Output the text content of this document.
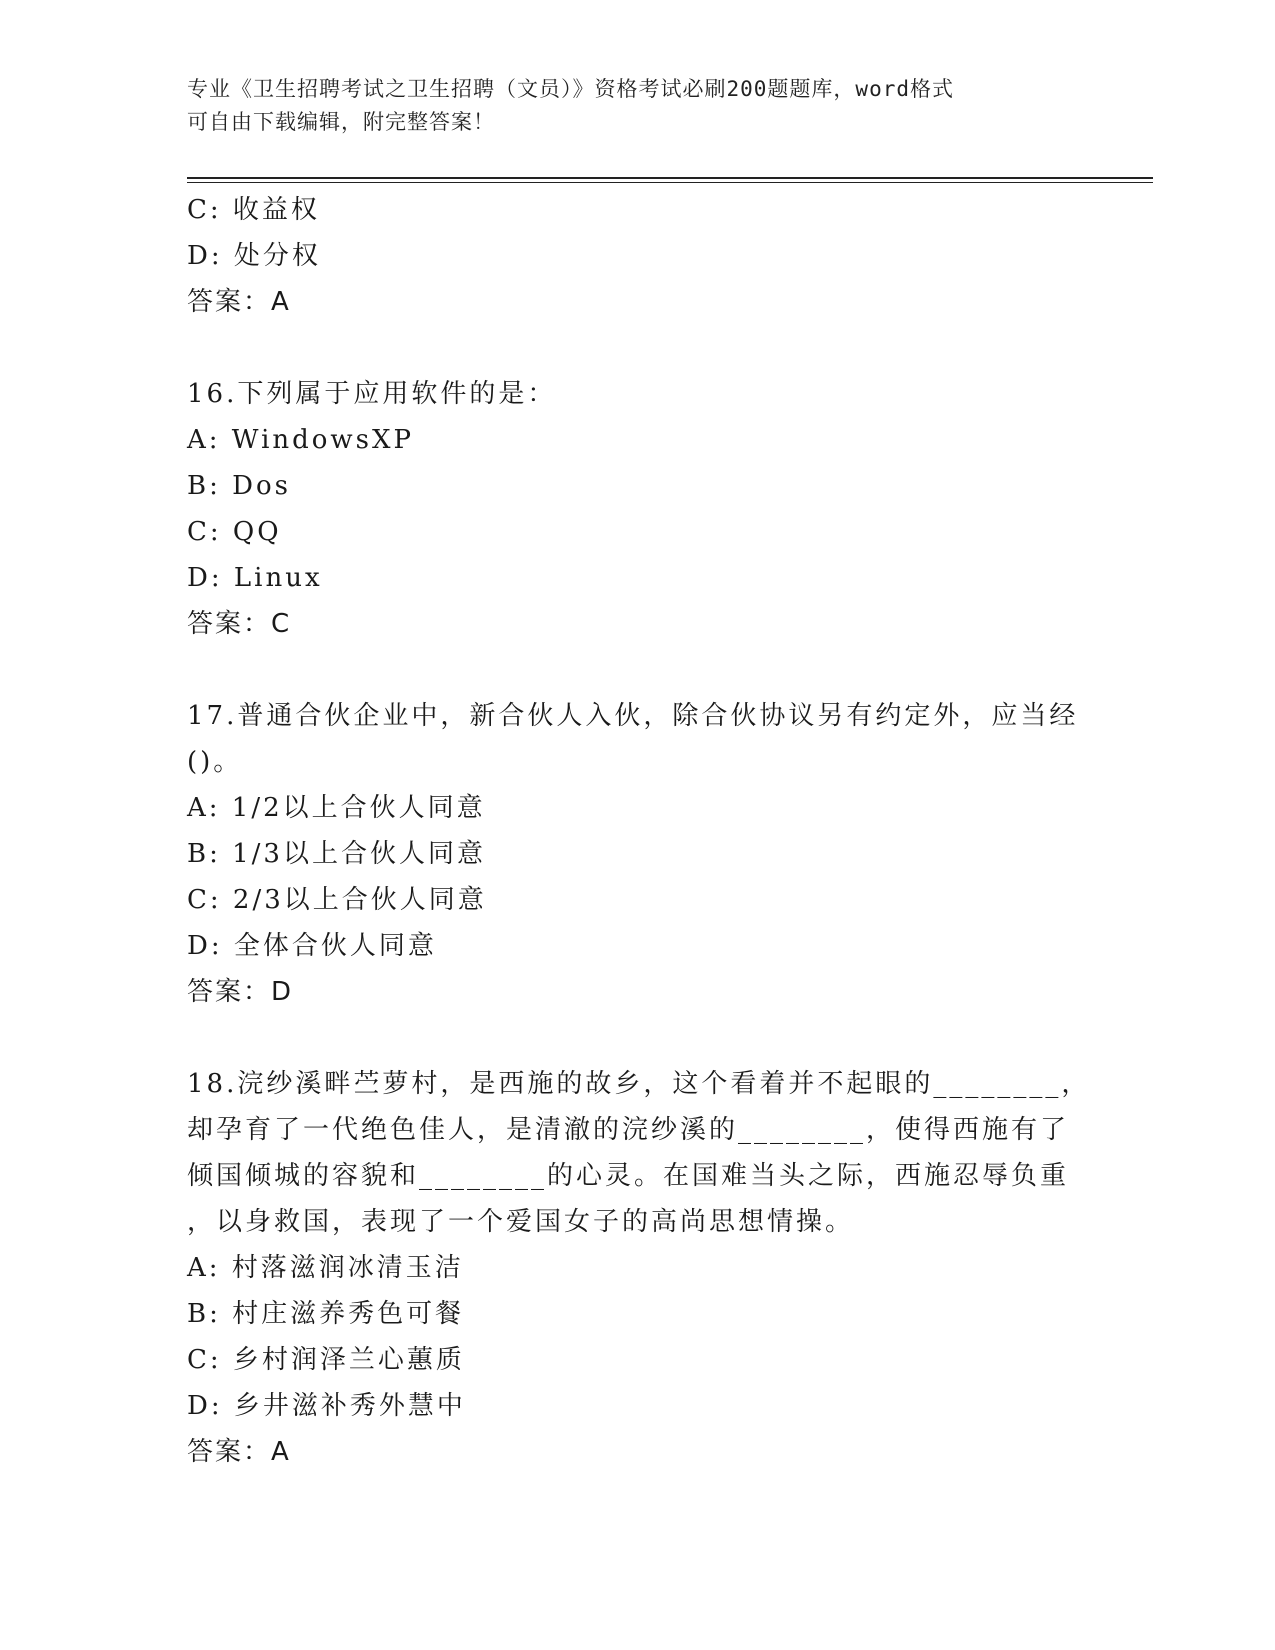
专业《卫生招聘考试之卫生招聘（文员）》资格考试必刷200题题库，word格式
可自由下载编辑，附完整答案！
C: 收益权
D: 处分权
答案：A
16.下列属于应用软件的是：
A: WindowsXP
B: Dos
C: QQ
D: Linux
答案：C
17.普通合伙企业中，新合伙人入伙，除合伙协议另有约定外，应当经
()。
A: 1/2以上合伙人同意
B: 1/3以上合伙人同意
C: 2/3以上合伙人同意
D: 全体合伙人同意
答案：D
18.浣纱溪畔苎萝村，是西施的故乡，这个看着并不起眼的________，
却孕育了一代绝色佳人，是清澈的浣纱溪的________，使得西施有了
倾国倾城的容貌和________的心灵。在国难当头之际，西施忍辱负重
，以身救国，表现了一个爱国女子的高尚思想情操。
A: 村落滋润冰清玉洁
B: 村庄滋养秀色可餐
C: 乡村润泽兰心蕙质
D: 乡井滋补秀外慧中
答案：A
